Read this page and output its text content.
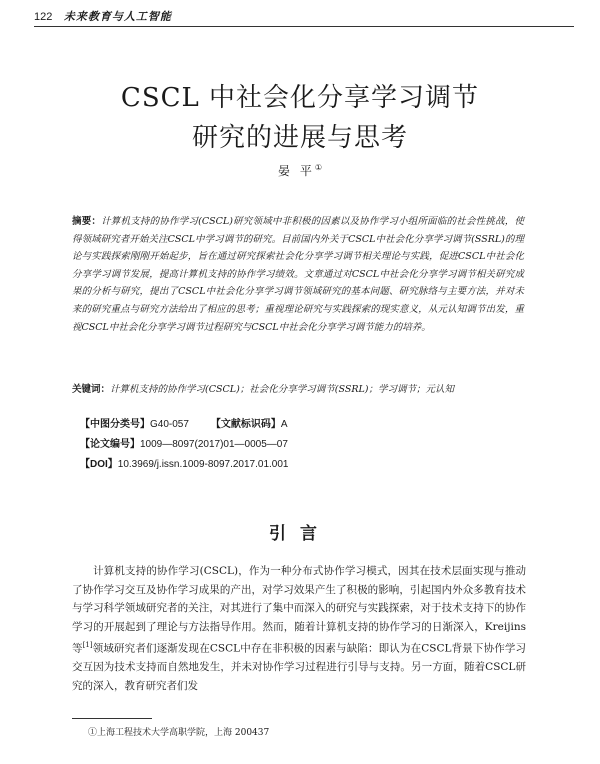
122 未来教育与人工智能
CSCL 中社会化分享学习调节
研究的进展与思考
晏 平①
摘要：计算机支持的协作学习(CSCL)研究领域中非积极的因素以及协作学习小组所面临的社会性挑战，使得领域研究者开始关注CSCL中学习调节的研究。目前国内外关于CSCL中社会化分享学习调节(SSRL)的理论与实践探索刚刚开始起步，旨在通过研究探索社会化分享学习调节相关理论与实践，促进CSCL中社会化分享学习调节发展，提高计算机支持的协作学习绩效。文章通过对CSCL中社会化分享学习调节相关研究成果的分析与研究，提出了CSCL中社会化分享学习调节领域研究的基本问题、研究脉络与主要方法，并对未来的研究重点与研究方法给出了相应的思考；重视理论研究与实践探索的现实意义，从元认知调节出发，重视CSCL中社会化分享学习调节过程研究与CSCL中社会化分享学习调节能力的培养。
关键词：计算机支持的协作学习(CSCL)；社会化分享学习调节(SSRL)；学习调节；元认知
【中图分类号】G40-057 【文献标识码】A
【论文编号】1009—8097(2017)01—0005—07
【DOI】10.3969/j.issn.1009-8097.2017.01.001
引言

计算机支持的协作学习(CSCL)，作为一种分布式协作学习模式，因其在技术层面实现与推动了协作学习交互及协作学习成果的产出，对学习效果产生了积极的影响，引起国内外众多教育技术与学习科学领域研究者的关注，对其进行了集中而深入的研究与实践探索，对于技术支持下的协作学习的开展起到了理论与方法指导作用。然而，随着计算机支持的协作学习的日渐深入，Kreijins 等[1]领域研究者们逐渐发现在CSCL中存在非积极的因素与缺陷：即认为在CSCL背景下协作学习交互因为技术支持而自然地发生，并未对协作学习过程进行引导与支持。另一方面，随着CSCL研究的深入，教育研究者们发

①上海工程技术大学高职学院，上海 200437
